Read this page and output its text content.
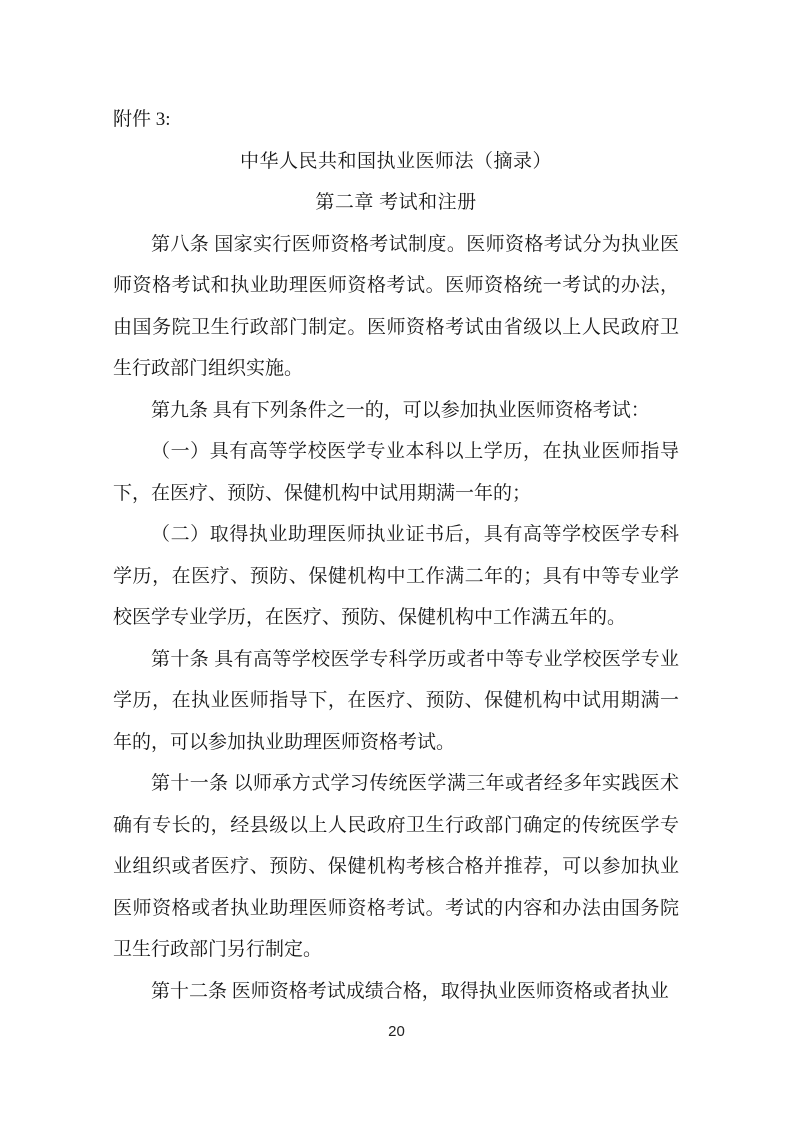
附件 3:

中华人民共和国执业医师法（摘录）
第二章 考试和注册

第八条 国家实行医师资格考试制度。医师资格考试分为执业医师资格考试和执业助理医师资格考试。医师资格统一考试的办法，由国务院卫生行政部门制定。医师资格考试由省级以上人民政府卫生行政部门组织实施。

第九条 具有下列条件之一的，可以参加执业医师资格考试：

（一）具有高等学校医学专业本科以上学历，在执业医师指导下，在医疗、预防、保健机构中试用期满一年的；

（二）取得执业助理医师执业证书后，具有高等学校医学专科学历，在医疗、预防、保健机构中工作满二年的；具有中等专业学校医学专业学历，在医疗、预防、保健机构中工作满五年的。

第十条 具有高等学校医学专科学历或者中等专业学校医学专业学历，在执业医师指导下，在医疗、预防、保健机构中试用期满一年的，可以参加执业助理医师资格考试。

第十一条 以师承方式学习传统医学满三年或者经多年实践医术确有专长的，经县级以上人民政府卫生行政部门确定的传统医学专业组织或者医疗、预防、保健机构考核合格并推荐，可以参加执业医师资格或者执业助理医师资格考试。考试的内容和办法由国务院卫生行政部门另行制定。

第十二条 医师资格考试成绩合格，取得执业医师资格或者执业

20
